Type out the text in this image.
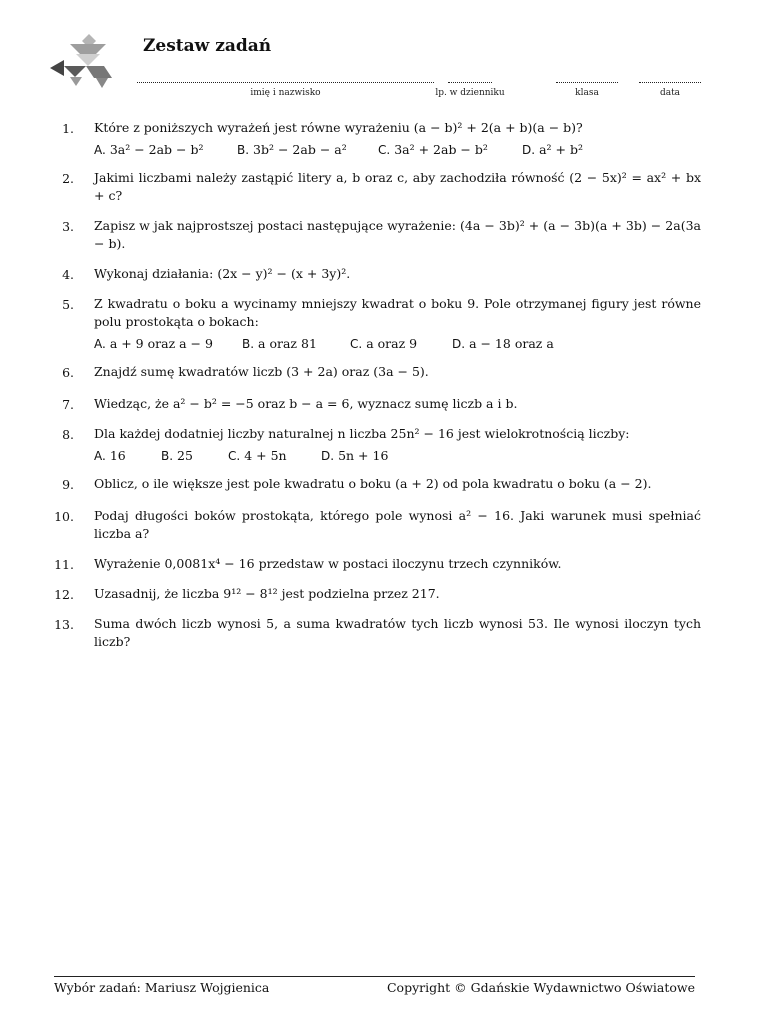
Zestaw zadań
imię i nazwisko	lp. w dzienniku	klasa	data
1. Które z poniższych wyrażeń jest równe wyrażeniu (a − b)² + 2(a + b)(a − b)?
A. 3a² − 2ab − b²	B. 3b² − 2ab − a²	C. 3a² + 2ab − b²	D. a² + b²
2. Jakimi liczbami należy zastąpić litery a, b oraz c, aby zachodziła równość (2 − 5x)² = ax² + bx + c?
3. Zapisz w jak najprostszej postaci następujące wyrażenie: (4a − 3b)² + (a − 3b)(a + 3b) − 2a(3a − b).
4. Wykonaj działania: (2x − y)² − (x + 3y)².
5. Z kwadratu o boku a wycinamy mniejszy kwadrat o boku 9. Pole otrzymanej figury jest równe polu prostokąta o bokach:
A. a + 9 oraz a − 9 B. a oraz 81	C. a oraz 9	D. a − 18 oraz a
6. Znajdź sumę kwadratów liczb (3 + 2a) oraz (3a − 5).
7. Wiedząc, że a² − b² = −5 oraz b − a = 6, wyznacz sumę liczb a i b.
8. Dla każdej dodatniej liczby naturalnej n liczba 25n² − 16 jest wielokrotnością liczby:
A. 16	B. 25	C. 4 + 5n	D. 5n + 16
9. Oblicz, o ile większe jest pole kwadratu o boku (a + 2) od pola kwadratu o boku (a − 2).
10. Podaj długości boków prostokąta, którego pole wynosi a² − 16. Jaki warunek musi spełniać liczba a?
11. Wyrażenie 0,0081x⁴ − 16 przedstaw w postaci iloczynu trzech czynników.
12. Uzasadnij, że liczba 9¹² − 8¹² jest podzielna przez 217.
13. Suma dwóch liczb wynosi 5, a suma kwadratów tych liczb wynosi 53. Ile wynosi iloczyn tych liczb?
Wybór zadań: Mariusz Wojgienica	Copyright © Gdańskie Wydawnictwo Oświatowe
